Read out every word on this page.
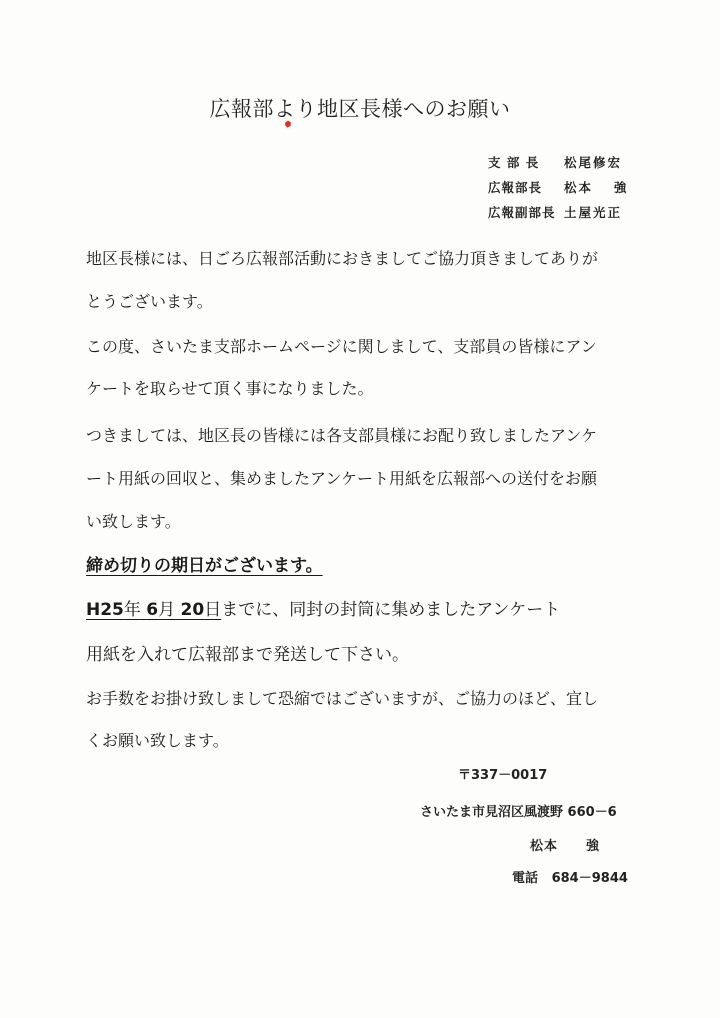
広報部より地区長様へのお願い
支 部 長	松尾修宏
広報部長	松本　 強
広報副部長 土屋光正
地区長様には、日ごろ広報部活動におきましてご協力頂きましてありが
とうございます。
この度、さいたま支部ホームページに関しまして、支部員の皆様にアン
ケートを取らせて頂く事になりました。
つきましては、地区長の皆様には各支部員様にお配り致しましたアンケ
ート用紙の回収と、集めましたアンケート用紙を広報部への送付をお願
い致します。
締め切りの期日がございます。
H25年 6月 20日までに、同封の封筒に集めましたアンケート
用紙を入れて広報部まで発送して下さい。
お手数をお掛け致しまして恐縮ではございますが、ご協力のほど、宜し
くお願い致します。
〒337－0017
さいたま市見沼区風渡野 660－6
松本　　強
電話 684－9844
